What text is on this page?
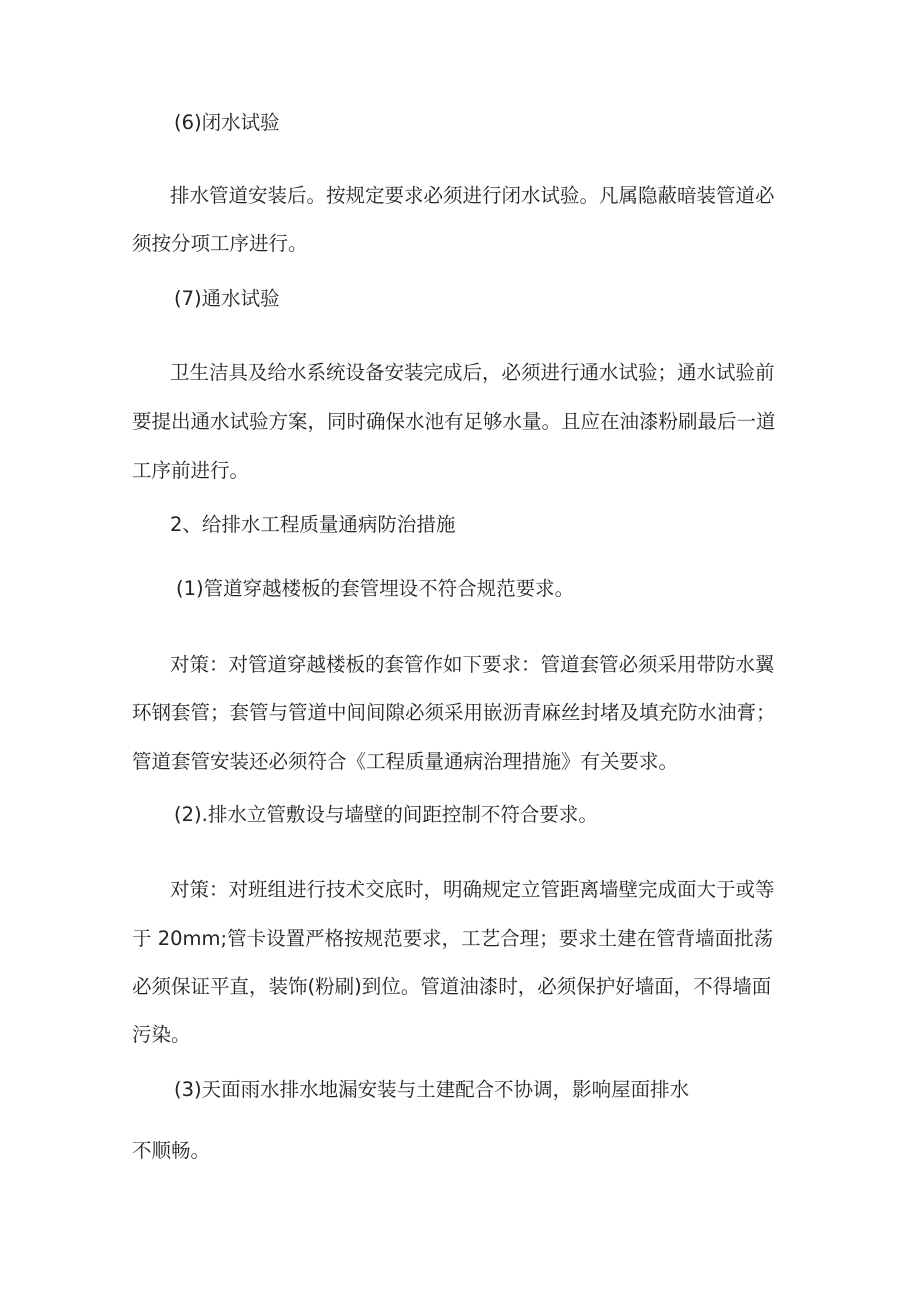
(6)闭水试验
排水管道安装后。按规定要求必须进行闭水试验。凡属隐蔽暗装管道必
须按分项工序进行。
(7)通水试验
卫生洁具及给水系统设备安装完成后，必须进行通水试验；通水试验前
要提出通水试验方案，同时确保水池有足够水量。且应在油漆粉刷最后一道
工序前进行。
2、给排水工程质量通病防治措施
(1)管道穿越楼板的套管埋设不符合规范要求。
对策：对管道穿越楼板的套管作如下要求：管道套管必须采用带防水翼
环钢套管；套管与管道中间间隙必须采用嵌沥青麻丝封堵及填充防水油膏；
管道套管安装还必须符合《工程质量通病治理措施》有关要求。
(2).排水立管敷设与墙壁的间距控制不符合要求。
对策：对班组进行技术交底时，明确规定立管距离墙壁完成面大于或等
于 20mm;管卡设置严格按规范要求，工艺合理；要求土建在管背墙面批荡
必须保证平直，装饰(粉刷)到位。管道油漆时，必须保护好墙面，不得墙面
污染。
(3)天面雨水排水地漏安装与土建配合不协调，影响屋面排水
不顺畅。
